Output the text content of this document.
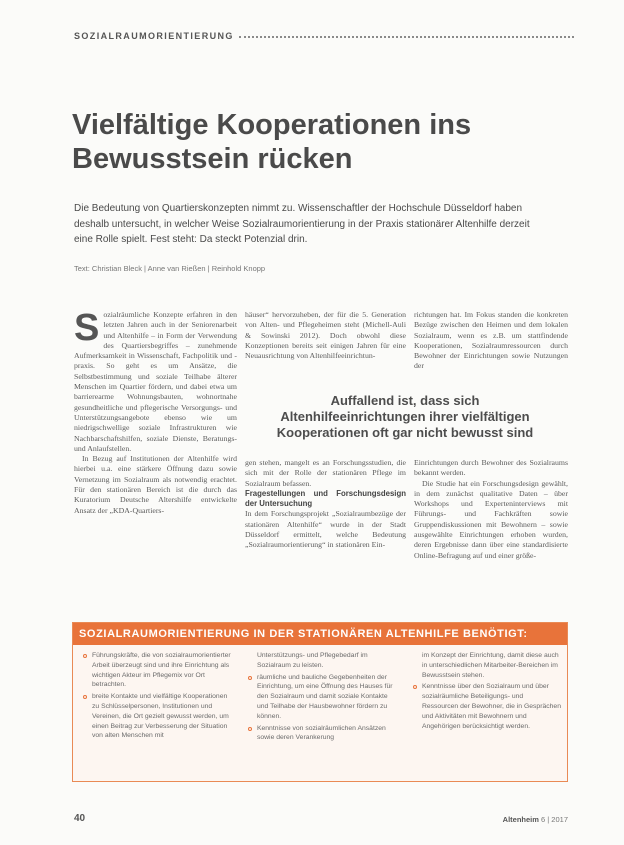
SOZIALRAUMORIENTIERUNG
Vielfältige Kooperationen ins
Bewusstsein rücken

Die Bedeutung von Quartierskonzepten nimmt zu. Wissenschaftler der Hochschule Düsseldorf haben deshalb untersucht, in welcher Weise Sozialraumorientierung in der Praxis stationärer Altenhilfe derzeit eine Rolle spielt. Fest steht: Da steckt Potenzial drin.

Text: Christian Bleck | Anne van Rießen | Reinhold Knopp

Sozialräumliche Konzepte erfahren in den letzten Jahren auch in der Seniorenarbeit und Altenhilfe – in Form der Verwendung des Quartiersbegriffes – zunehmende Aufmerksamkeit in Wissenschaft, Fachpolitik und -praxis. So geht es um Ansätze, die Selbstbestimmung und soziale Teilhabe älterer Menschen im Quartier fördern, und dabei etwa um barrierearme Wohnungsbauten, wohnortnahe gesundheitliche und pflegerische Versorgungs- und Unterstützungsangebote ebenso wie um niedrigschwellige soziale Infrastrukturen wie Nachbarschaftshilfen, soziale Dienste, Beratungs- und Anlaufstellen.

In Bezug auf Institutionen der Altenhilfe wird hierbei u.a. eine stärkere Öffnung dazu sowie Vernetzung im Sozialraum als notwendig erachtet. Für den stationären Bereich ist die durch das Kuratorium Deutsche Altershilfe entwickelte Ansatz der „KDA-Quartiers-

häuser“ hervorzuheben, der für die 5. Generation von Alten- und Pflegeheimen steht (Michell-Auli & Sowinski 2012). Doch obwohl diese Konzeptionen bereits seit einigen Jahren für eine Neuausrichtung von Altenhilfeeinrichtun-

richtungen hat. Im Fokus standen die konkreten Bezüge zwischen den Heimen und dem lokalen Sozialraum, wenn es z.B. um stattfindende Kooperationen, Sozialraumressourcen durch Bewohner der Einrichtungen sowie Nutzungen der

Auffallend ist, dass sich
Altenhilfeeinrichtungen ihrer vielfältigen
Kooperationen oft gar nicht bewusst sind

gen stehen, mangelt es an Forschungsstudien, die sich mit der Rolle der stationären Pflege im Sozialraum befassen.

Fragestellungen und Forschungsdesign der Untersuchung

In dem Forschungsprojekt „Sozialraumbezüge der stationären Altenhilfe“ wurde in der Stadt Düsseldorf ermittelt, welche Bedeutung „Sozialraumorientierung“ in stationären Ein-

Einrichtungen durch Bewohner des Sozialraums bekannt werden.

Die Studie hat ein Forschungsdesign gewählt, in dem zunächst qualitative Daten – über Workshops und Experteninterviews mit Führungs- und Fachkräften sowie Gruppendiskussionen mit Bewohnern – sowie ausgewählte Einrichtungen erhoben wurden, deren Ergebnisse dann über eine standardisierte Online-Befragung auf und einer größe-

SOZIALRAUMORIENTIERUNG IN DER STATIONÄREN ALTENHILFE BENÖTIGT:
Führungskräfte, die von sozialraumorientierter Arbeit überzeugt sind und ihre Einrichtung als wichtigen Akteur im Pflegemix vor Ort betrachten.
breite Kontakte und vielfältige Kooperationen zu Schlüsselpersonen, Institutionen und Vereinen, die Ort gezielt gewusst werden, um einen Beitrag zur Verbesserung der Situation von alten Menschen mit
Unterstützungs- und Pflegebedarf im Sozialraum zu leisten.
räumliche und bauliche Gegebenheiten der Einrichtung, um eine Öffnung des Hauses für den Sozialraum und damit soziale Kontakte und Teilhabe der Hausbewohner fördern zu können.
Kenntnisse von sozialräumlichen Ansätzen sowie deren Verankerung
im Konzept der Einrichtung, damit diese auch in unterschiedlichen Mitarbeiter-Bereichen im Bewusstsein stehen.
Kenntnisse über den Sozialraum und über sozialräumliche Beteiligungs- und Ressourcen der Bewohner, die in Gesprächen und Aktivitäten mit Bewohnern und Angehörigen berücksichtigt werden.
40	Altenheim 6 | 2017
